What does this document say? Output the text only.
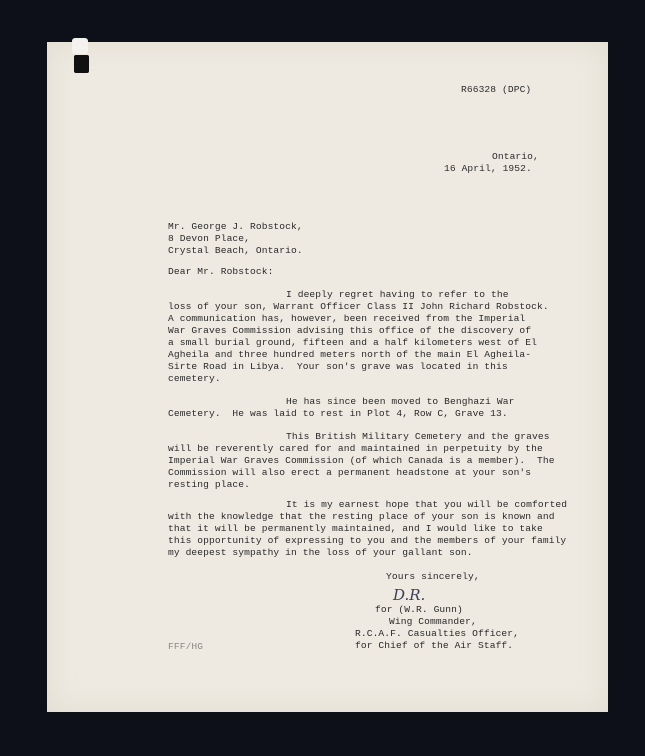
R66328 (DPC)
Ontario,
16 April, 1952.
Mr. George J. Robstock,
8 Devon Place,
Crystal Beach, Ontario.
Dear Mr. Robstock:
I deeply regret having to refer to the
loss of your son, Warrant Officer Class II John Richard Robstock.
A communication has, however, been received from the Imperial
War Graves Commission advising this office of the discovery of
a small burial ground, fifteen and a half kilometers west of El
Agheila and three hundred meters north of the main El Agheila-
Sirte Road in Libya.  Your son's grave was located in this
cemetery.
He has since been moved to Benghazi War
Cemetery.  He was laid to rest in Plot 4, Row C, Grave 13.
This British Military Cemetery and the graves
will be reverently cared for and maintained in perpetuity by the
Imperial War Graves Commission (of which Canada is a member).  The
Commission will also erect a permanent headstone at your son's
resting place.
It is my earnest hope that you will be comforted
with the knowledge that the resting place of your son is known and
that it will be permanently maintained, and I would like to take
this opportunity of expressing to you and the members of your family
my deepest sympathy in the loss of your gallant son.
Yours sincerely,
D.R.
for (W.R. Gunn)
Wing Commander,
R.C.A.F. Casualties Officer,
for Chief of the Air Staff.
FFF/HG
